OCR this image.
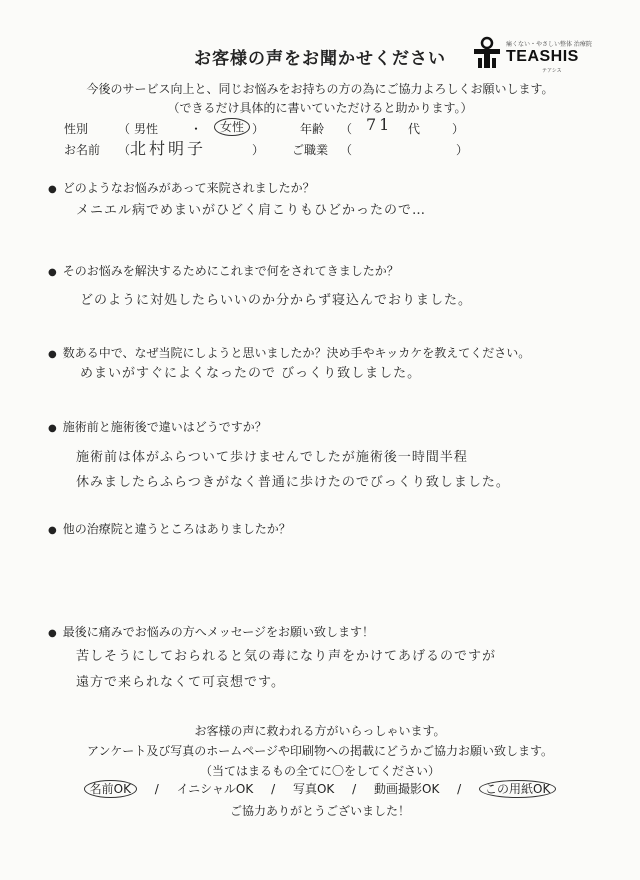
お客様の声をお聞かせください
痛くない・やさしい整体 治療院
TEASHIS
テアシス
今後のサービス向上と、同じお悩みをお持ちの方の為にご協力よろしくお願いします。
（できるだけ具体的に書いていただけると助かります。）
性別 （ 男性	・	女性 ）	年齢 （ 71 代	）
お名前 （ 北村明子	） ご職業 （	）
● どのようなお悩みがあって来院されましたか？
メニエル病でめまいがひどく肩こりもひどかったので…
● そのお悩みを解決するためにこれまで何をされてきましたか？
どのように対処したらいいのか分からず寝込んでおりました。
● 数ある中で、なぜ当院にしようと思いましたか？決め手やキッカケを教えてください。
めまいがすぐによくなったので びっくり致しました。
● 施術前と施術後で違いはどうですか？
施術前は体がふらついて歩けませんでしたが施術後一時間半程
休みましたらふらつきがなく普通に歩けたのでびっくり致しました。
● 他の治療院と違うところはありましたか？
● 最後に痛みでお悩みの方へメッセージをお願い致します！
苦しそうにしておられると気の毒になり声をかけてあげるのですが
遠方で来られなくて可哀想です。
お客様の声に救われる方がいらっしゃいます。
アンケート及び写真のホームページや印刷物への掲載にどうかご協力お願い致します。
（当てはまるもの全てに〇をしてください）
名前OK / イニシャルOK / 写真OK / 動画撮影OK / この用紙OK
ご協力ありがとうございました！
